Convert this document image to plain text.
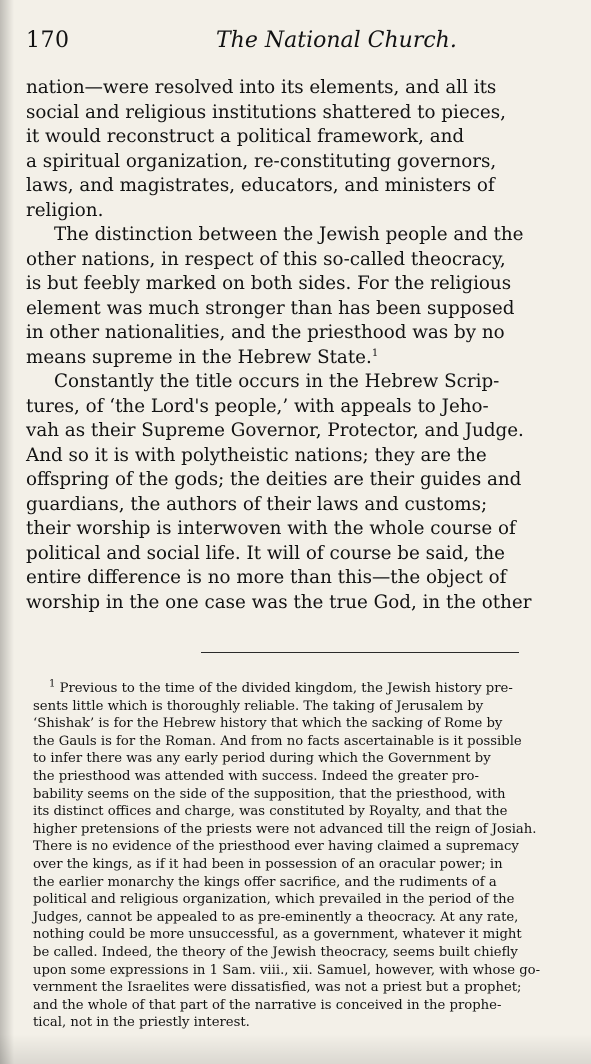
170	The National Church.
nation—were resolved into its elements, and all its
social and religious institutions shattered to pieces,
it would reconstruct a political framework, and
a spiritual organization, re-constituting governors,
laws, and magistrates, educators, and ministers of
religion.
The distinction between the Jewish people and the
other nations, in respect of this so-called theocracy,
is but feebly marked on both sides. For the religious
element was much stronger than has been supposed
in other nationalities, and the priesthood was by no
means supreme in the Hebrew State.$^1$
Constantly the title occurs in the Hebrew Scrip-
tures, of ‘the Lord's people,’ with appeals to Jeho-
vah as their Supreme Governor, Protector, and Judge.
And so it is with polytheistic nations; they are the
offspring of the gods; the deities are their guides and
guardians, the authors of their laws and customs;
their worship is interwoven with the whole course of
political and social life. It will of course be said, the
entire difference is no more than this—the object of
worship in the one case was the true God, in the other
$^1$ Previous to the time of the divided kingdom, the Jewish history pre-
sents little which is thoroughly reliable. The taking of Jerusalem by
‘Shishak’ is for the Hebrew history that which the sacking of Rome by
the Gauls is for the Roman. And from no facts ascertainable is it possible
to infer there was any early period during which the Government by
the priesthood was attended with success. Indeed the greater pro-
bability seems on the side of the supposition, that the priesthood, with
its distinct offices and charge, was constituted by Royalty, and that the
higher pretensions of the priests were not advanced till the reign of Josiah.
There is no evidence of the priesthood ever having claimed a supremacy
over the kings, as if it had been in possession of an oracular power; in
the earlier monarchy the kings offer sacrifice, and the rudiments of a
political and religious organization, which prevailed in the period of the
Judges, cannot be appealed to as pre-eminently a theocracy. At any rate,
nothing could be more unsuccessful, as a government, whatever it might
be called. Indeed, the theory of the Jewish theocracy, seems built chiefly
upon some expressions in 1 Sam. viii., xii. Samuel, however, with whose go-
vernment the Israelites were dissatisfied, was not a priest but a prophet;
and the whole of that part of the narrative is conceived in the prophe-
tical, not in the priestly interest.
